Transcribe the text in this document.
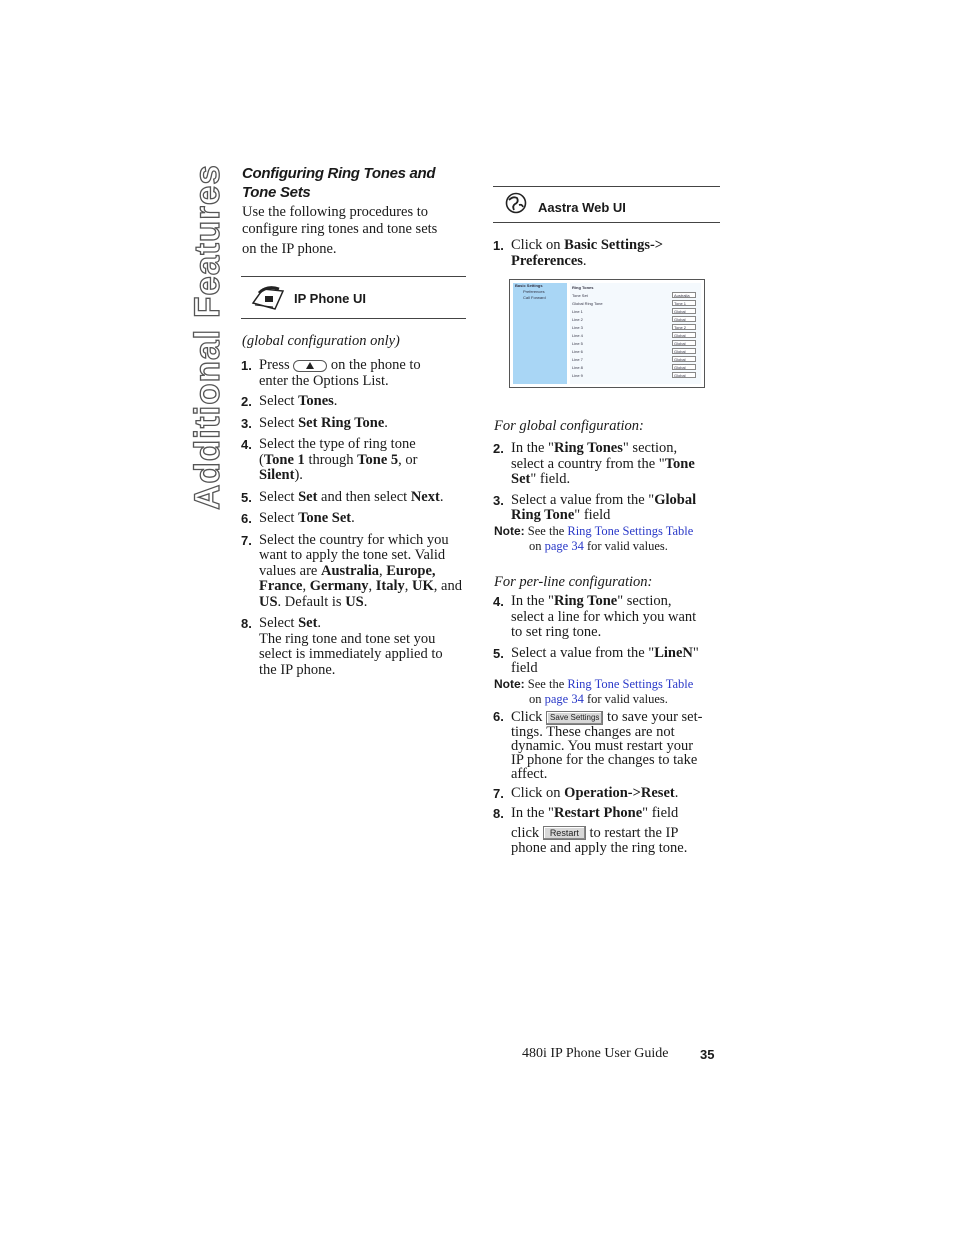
Additional Features Configuring Ring Tones and
Tone Sets
Use the following procedures to
configure ring tones and tone sets
on the IP phone.
IP Phone UI
(global configuration only)
1. Press	on the phone to
enter the Options List.
2. Select Tones.
3. Select Set Ring Tone.
4. Select the type of ring tone
(Tone 1 through Tone 5, or
Silent).
5. Select Set and then select Next.
6. Select Tone Set.
7. Select the country for which you
want to apply the tone set. Valid
values are Australia, Europe,
France, Germany, Italy, UK, and
US. Default is US.
8. Select Set.
The ring tone and tone set you
select is immediately applied to
the IP phone.
Aastra Web UI
1. Click on Basic Settings->
Preferences.
Basic Settings
Preferences
Call Forward
Ring Tones
Tone Set	Australia
Global Ring Tone	Tone 1
Line 1	Global
Line 2	Global
Line 3	Tone 2
Line 4	Global
Line 5	Global
Line 6	Global
Line 7	Global
Line 8	Global
Line 9	Global
For global configuration:
2. In the "Ring Tones" section,
select a country from the "Tone
Set" field.
3. Select a value from the "Global
Ring Tone" field
Note: See the Ring Tone Settings Table
on page 34 for valid values.
For per-line configuration:
4. In the "Ring Tone" section,
select a line for which you want
to set ring tone.
5. Select a value from the "LineN"
field
Note: See the Ring Tone Settings Table
on page 34 for valid values.
6. Click Save Settings to save your set-
tings. These changes are not
dynamic. You must restart your
IP phone for the changes to take
affect.
7. Click on Operation->Reset.
8. In the "Restart Phone" field
click Restart to restart the IP
phone and apply the ring tone.
480i IP Phone User Guide 35
